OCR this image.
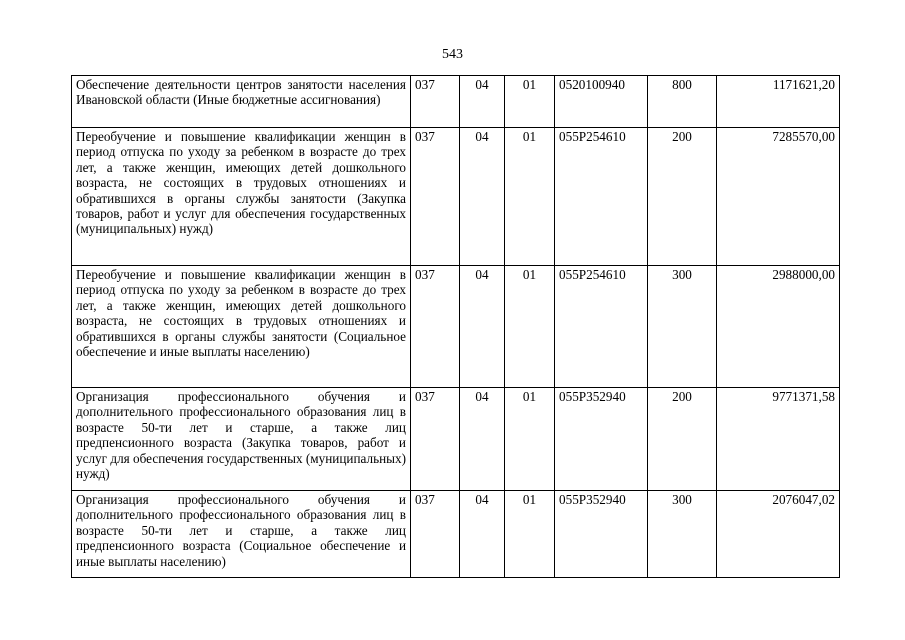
543
Обеспечение деятельности центров занятости населения Ивановской области (Иные бюджетные ассигнования)	037	04	01	0520100940	800	1171621,20
Переобучение и повышение квалификации женщин в период отпуска по уходу за ребенком в возрасте до трех лет, а также женщин, имеющих детей дошкольного возраста, не состоящих в трудовых отношениях и обратившихся в органы службы занятости (Закупка товаров, работ и услуг для обеспечения государственных (муниципальных) нужд)	037	04	01	055P254610	200	7285570,00
Переобучение и повышение квалификации женщин в период отпуска по уходу за ребенком в возрасте до трех лет, а также женщин, имеющих детей дошкольного возраста, не состоящих в трудовых отношениях и обратившихся в органы службы занятости (Социальное обеспечение и иные выплаты населению)	037	04	01	055P254610	300	2988000,00
Организация профессионального обучения и дополнительного профессионального образования лиц в возрасте 50-ти лет и старше, а также лиц предпенсионного возраста (Закупка товаров, работ и услуг для обеспечения государственных (муниципальных) нужд)	037	04	01	055P352940	200	9771371,58
Организация профессионального обучения и дополнительного профессионального образования лиц в возрасте 50-ти лет и старше, а также лиц предпенсионного возраста (Социальное обеспечение и иные выплаты населению)	037	04	01	055P352940	300	2076047,02
